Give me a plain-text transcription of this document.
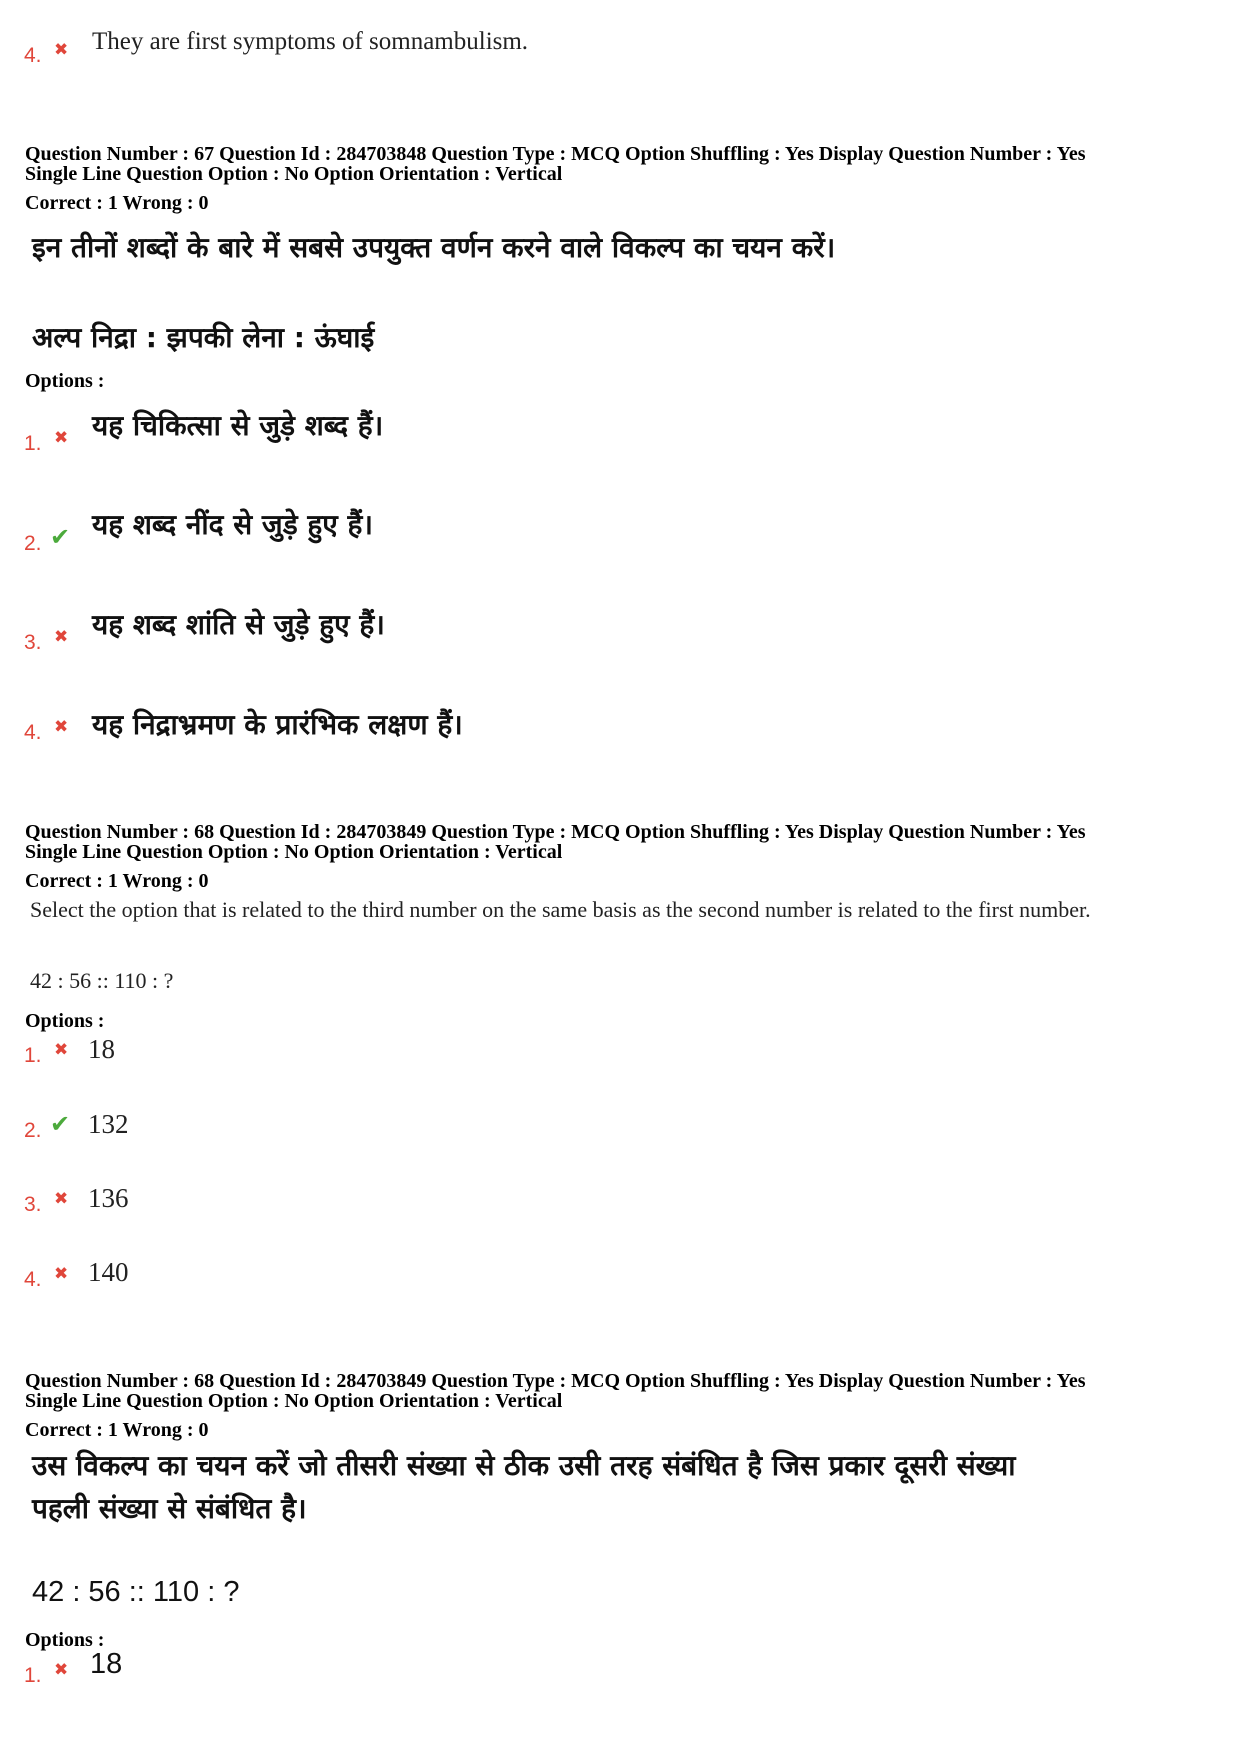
4. ✖ They are first symptoms of somnambulism.
Question Number : 67 Question Id : 284703848 Question Type : MCQ Option Shuffling : Yes Display Question Number : Yes
Single Line Question Option : No Option Orientation : Vertical
Correct : 1 Wrong : 0
इन तीनों शब्दों के बारे में सबसे उपयुक्त वर्णन करने वाले विकल्प का चयन करें।
अल्प निद्रा : झपकी लेना : ऊंघाई
Options :
1. ✖ यह चिकित्सा से जुड़े शब्द हैं।
2. ✔ यह शब्द नींद से जुड़े हुए हैं।
3. ✖ यह शब्द शांति से जुड़े हुए हैं।
4. ✖ यह निद्राभ्रमण के प्रारंभिक लक्षण हैं।
Question Number : 68 Question Id : 284703849 Question Type : MCQ Option Shuffling : Yes Display Question Number : Yes
Single Line Question Option : No Option Orientation : Vertical
Correct : 1 Wrong : 0
Select the option that is related to the third number on the same basis as the second number is related to the first number.
42 : 56 :: 110 : ?
Options :
1. ✖ 18
2. ✔ 132
3. ✖ 136
4. ✖ 140
Question Number : 68 Question Id : 284703849 Question Type : MCQ Option Shuffling : Yes Display Question Number : Yes
Single Line Question Option : No Option Orientation : Vertical
Correct : 1 Wrong : 0
उस विकल्प का चयन करें जो तीसरी संख्या से ठीक उसी तरह संबंधित है जिस प्रकार दूसरी संख्या
पहली संख्या से संबंधित है।
42 : 56 :: 110 : ?
Options :
1. ✖ 18
